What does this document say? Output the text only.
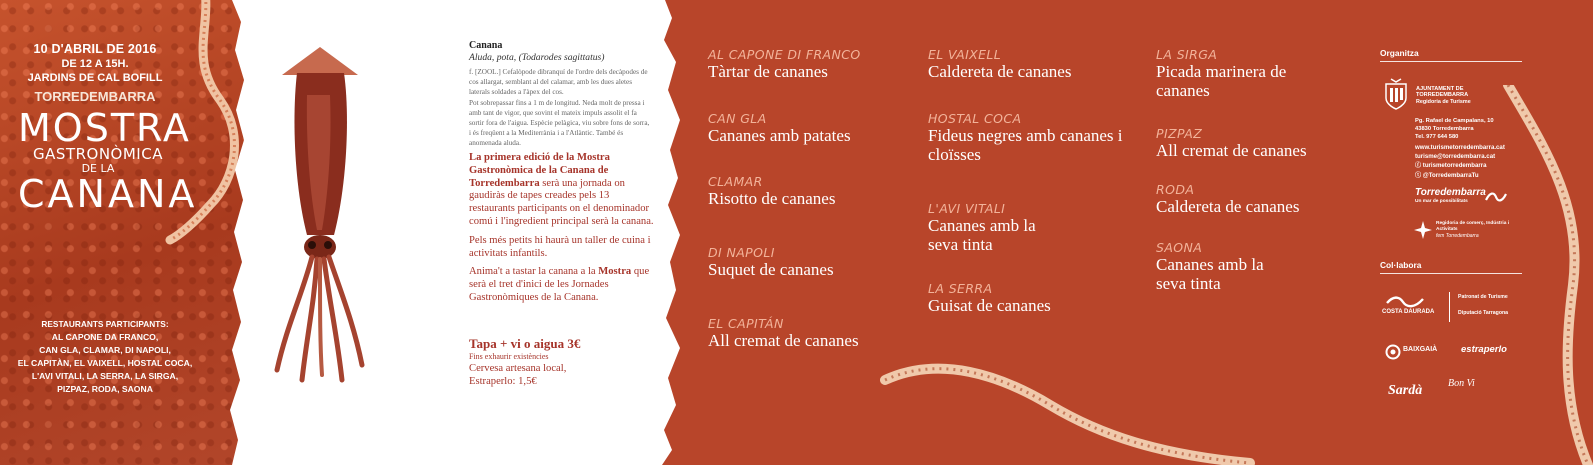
10 D'ABRIL DE 2016
DE 12 A 15H.
JARDINS DE CAL BOFILL
TORREDEMBARRA
MOSTRA
GASTRONÒMICA
DE LA
CANANA
RESTAURANTS PARTICIPANTS:
AL CAPONE DA FRANCO,
CAN GLA, CLAMAR, DI NAPOLI,
EL CAPITÀN, EL VAIXELL, HOSTAL COCA,
L'AVI VITALI, LA SERRA, LA SIRGA,
PIZPAZ, RODA, SAONA
Canana
Aluda, pota, (Todarodes sagittatus)
f. [ZOOL.] Cefalòpode dibranquí de l'ordre dels decàpodes de cos allargat, semblant al del calamar, amb les dues aletes laterals soldades a l'àpex del cos.
Pot sobrepassar fins a 1 m de longitud. Neda molt de pressa i amb tant de vigor, que sovint el mateix impuls assolit el fa sortir fora de l'aigua. Espècie pelàgica, viu sobre fons de sorra, i és freqüent a la Mediterrània i a l'Atlàntic. També és anomenada aluda.

La primera edició de la Mostra Gastronòmica de la Canana de Torredembarra serà una jornada on gaudiràs de tapes creades pels 13 restaurants participants on el denominador comú i l'ingredient principal serà la canana.

Pels més petits hi haurà un taller de cuina i activitats infantils.

Anima't a tastar la canana a la Mostra que serà el tret d'inici de les Jornades Gastronòmiques de la Canana.

Tapa + vi o aigua 3€
Fins exhaurir existències
Cervesa artesana local,
Estraperlo: 1,5€
AL CAPONE DI FRANCO
Tàrtar de cananes
CAN GLA
Cananes amb patates
CLAMAR
Risotto de cananes
DI NAPOLI
Suquet de cananes
EL CAPITÁN
All cremat de cananes
EL VAIXELL
Caldereta de cananes
HOSTAL COCA
Fideus negres amb cananes i cloïsses
L'AVI VITALI
Cananes amb la seva tinta
LA SERRA
Guisat de cananes
LA SIRGA
Picada marinera de cananes
PIZPAZ
All cremat de cananes
RODA
Caldereta de cananes
SAONA
Cananes amb la seva tinta
Organitza
AJUNTAMENT DE TORREDEMBARRA
Regidoria de Turisme
Pg. Rafael de Campalans, 10
43830 Torredembarra
Tel. 977 644 580
www.turismetorredembarra.cat
turisme@torredembarra.cat
ⓕ turismetorredembarra
ⓣ @TorredembarraTu
Torredembarra
Un mar de possibilitats
Regidoria de comerç, Indústria i Activitats
fem Torredembarra
Col·labora
COSTA DAURADA
Patronat de Turisme
Diputació Tarragona
BAIXGAIÀ	estraperlo
Sardà	Bon Vi
